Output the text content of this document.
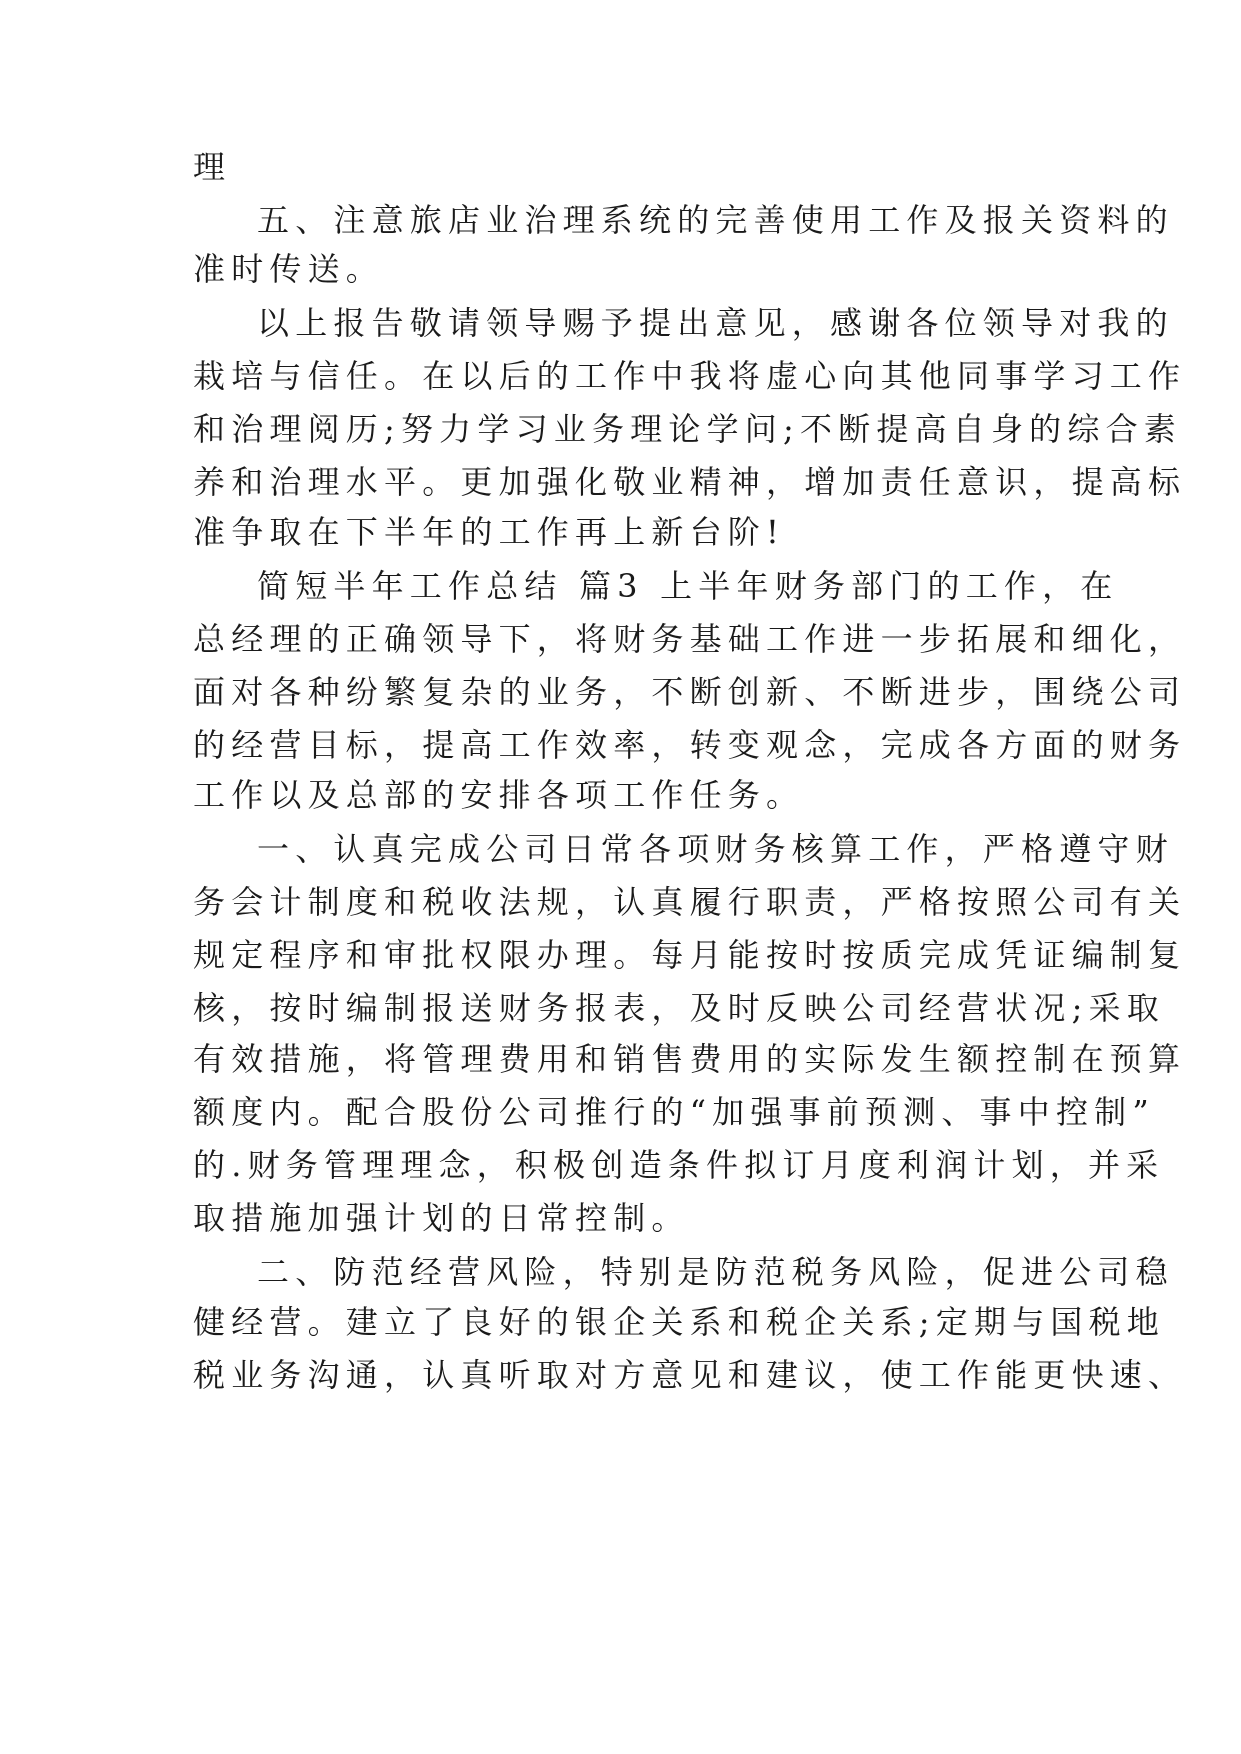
理
五、注意旅店业治理系统的完善使用工作及报关资料的
准时传送。
以上报告敬请领导赐予提出意见，感谢各位领导对我的
栽培与信任。在以后的工作中我将虚心向其他同事学习工作
和治理阅历;努力学习业务理论学问;不断提高自身的综合素
养和治理水平。更加强化敬业精神，增加责任意识，提高标
准争取在下半年的工作再上新台阶!
简短半年工作总结 篇3 上半年财务部门的工作，在
总经理的正确领导下，将财务基础工作进一步拓展和细化，
面对各种纷繁复杂的业务，不断创新、不断进步，围绕公司
的经营目标，提高工作效率，转变观念，完成各方面的财务
工作以及总部的安排各项工作任务。
一、认真完成公司日常各项财务核算工作，严格遵守财
务会计制度和税收法规，认真履行职责，严格按照公司有关
规定程序和审批权限办理。每月能按时按质完成凭证编制复
核，按时编制报送财务报表，及时反映公司经营状况;采取
有效措施，将管理费用和销售费用的实际发生额控制在预算
额度内。配合股份公司推行的“加强事前预测、事中控制”
的.财务管理理念，积极创造条件拟订月度利润计划，并采
取措施加强计划的日常控制。
二、防范经营风险，特别是防范税务风险，促进公司稳
健经营。建立了良好的银企关系和税企关系;定期与国税地
税业务沟通，认真听取对方意见和建议，使工作能更快速、
